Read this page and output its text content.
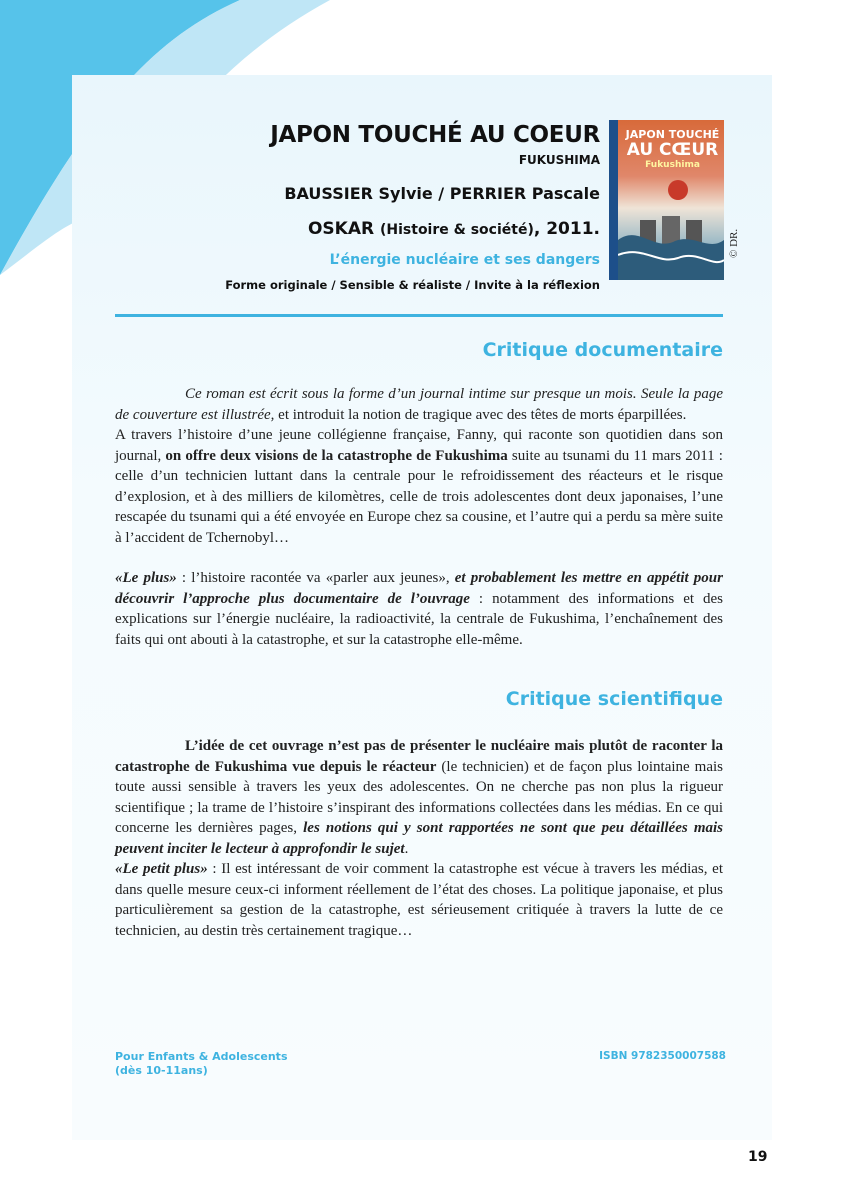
JAPON TOUCHÉ AU COEUR
FUKUSHIMA
BAUSSIER Sylvie / PERRIER Pascale
OSKAR (Histoire & société), 2011.
L’énergie nucléaire et ses dangers
Forme originale / Sensible & réaliste / Invite à la réflexion
JAPON TOUCHÉ
AU CŒUR
Fukushima
© DR.
Critique documentaire

Ce roman est écrit sous la forme d’un journal intime sur presque un mois. Seule la page de couverture est illustrée, et introduit la notion de tragique avec des têtes de morts éparpillées.

A travers l’histoire d’une jeune collégienne française, Fanny, qui raconte son quotidien dans son journal, on offre deux visions de la catastrophe de Fukushima suite au tsunami du 11 mars 2011 : celle d’un technicien luttant dans la centrale pour le refroidissement des réacteurs et le risque d’explosion, et à des milliers de kilomètres, celle de trois adolescentes dont deux japonaises, l’une rescapée du tsunami qui a été envoyée en Europe chez sa cousine, et l’autre qui a perdu sa mère suite à l’accident de Tchernobyl…

«Le plus» : l’histoire racontée va «parler aux jeunes», et probablement les mettre en appétit pour découvrir l’approche plus documentaire de l’ouvrage : notamment des informations et des explications sur l’énergie nucléaire, la radioactivité, la centrale de Fukushima, l’enchaînement des faits qui ont abouti à la catastrophe, et sur la catastrophe elle-même.

Critique scientifique

L’idée de cet ouvrage n’est pas de présenter le nucléaire mais plutôt de raconter la catastrophe de Fukushima vue depuis le réacteur (le technicien) et de façon plus lointaine mais toute aussi sensible à travers les yeux des adolescentes. On ne cherche pas non plus la rigueur scientifique ; la trame de l’histoire s’inspirant des informations collectées dans les médias. En ce qui concerne les dernières pages, les notions qui y sont rapportées ne sont que peu détaillées mais peuvent inciter le lecteur à approfondir le sujet.

«Le petit plus» : Il est intéressant de voir comment la catastrophe est vécue à travers les médias, et dans quelle mesure ceux-ci informent réellement de l’état des choses. La politique japonaise, et plus particulièrement sa gestion de la catastrophe, est sérieusement critiquée à travers la lutte de ce technicien, au destin très certainement tragique…

Pour Enfants & Adolescents
(dès 10-11ans)
ISBN 9782350007588
19
